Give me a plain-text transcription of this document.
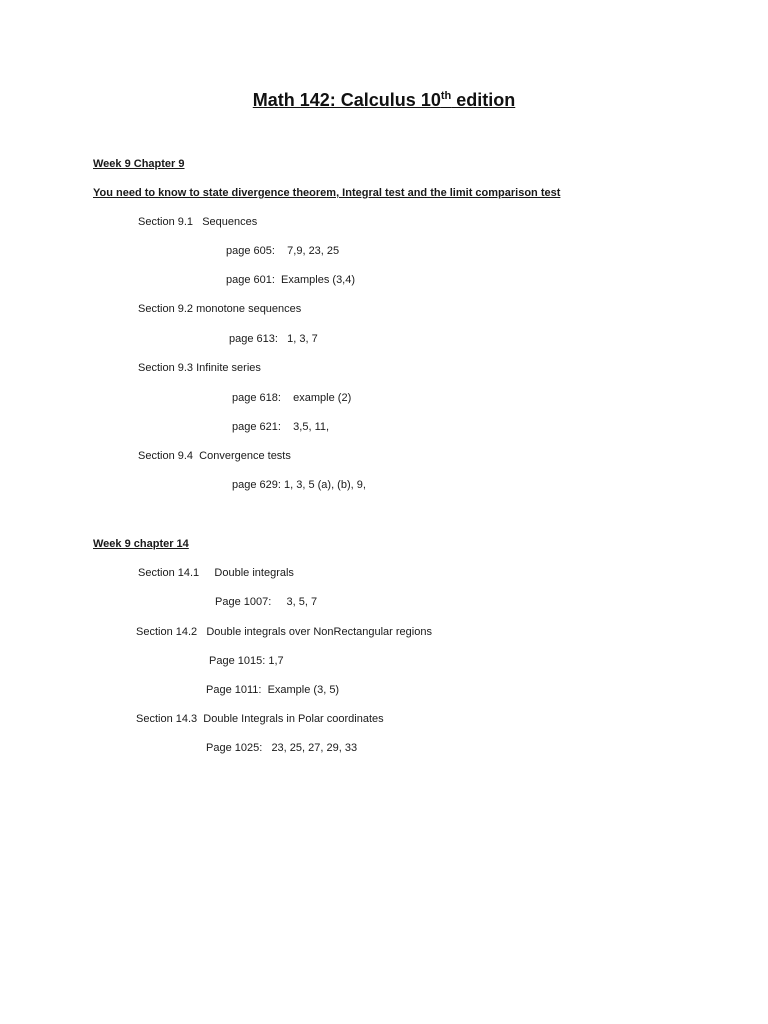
Math 142: Calculus 10th edition
Week 9 Chapter 9
You need to know to state divergence theorem, Integral test and the limit comparison test
Section 9.1   Sequences
page 605:    7,9, 23, 25
page 601:  Examples (3,4)
Section 9.2 monotone sequences
page 613:   1, 3, 7
Section 9.3 Infinite series
page 618:    example (2)
page 621:    3,5, 11,
Section 9.4  Convergence tests
page 629: 1, 3, 5 (a), (b), 9,
Week 9 chapter 14
Section 14.1     Double integrals
Page 1007:     3, 5, 7
Section 14.2   Double integrals over NonRectangular regions
Page 1015: 1,7
Page 1011:  Example (3, 5)
Section 14.3  Double Integrals in Polar coordinates
Page 1025:   23, 25, 27, 29, 33
